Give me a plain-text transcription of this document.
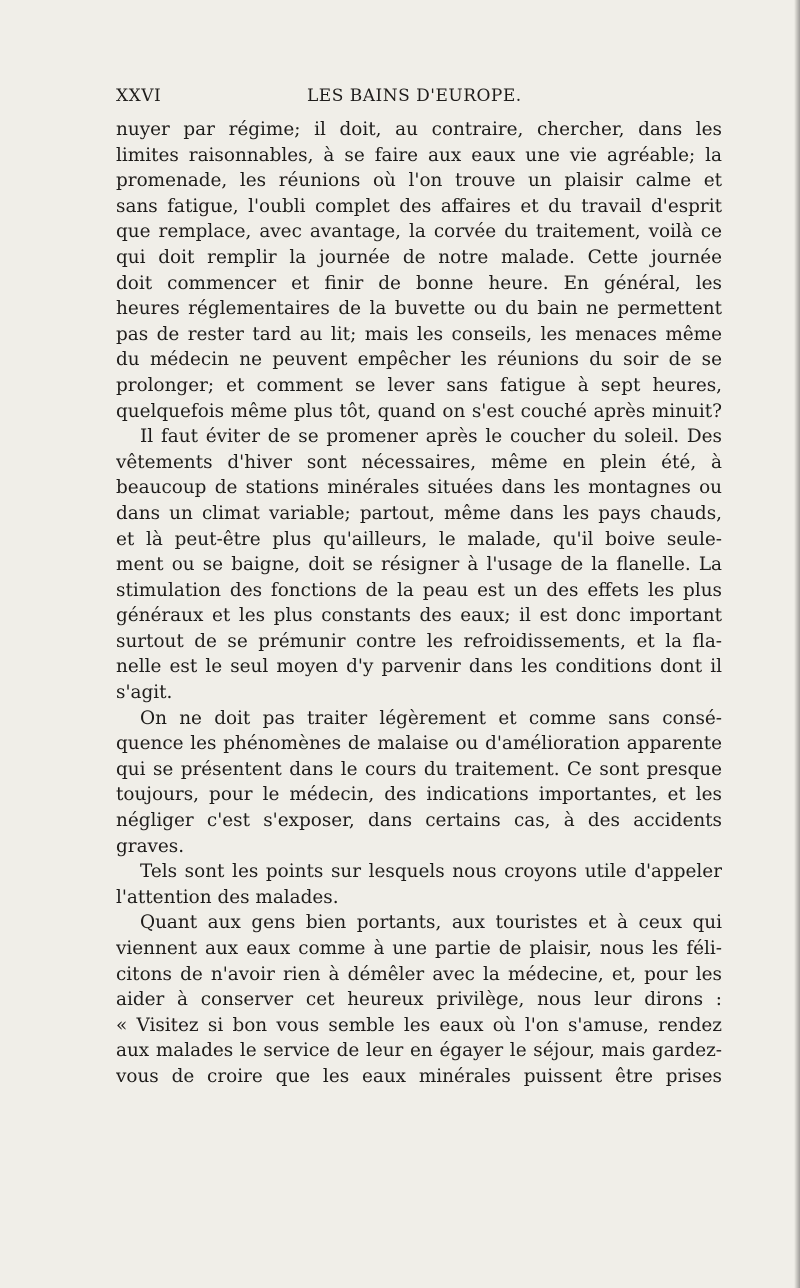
XXVI	LES BAINS D'EUROPE.
nuyer par régime; il doit, au contraire, chercher, dans les
limites raisonnables, à se faire aux eaux une vie agréable; la
promenade, les réunions où l'on trouve un plaisir calme et
sans fatigue, l'oubli complet des affaires et du travail d'esprit
que remplace, avec avantage, la corvée du traitement, voilà ce
qui doit remplir la journée de notre malade. Cette journée
doit commencer et finir de bonne heure. En général, les
heures réglementaires de la buvette ou du bain ne permettent
pas de rester tard au lit; mais les conseils, les menaces même
du médecin ne peuvent empêcher les réunions du soir de se
prolonger; et comment se lever sans fatigue à sept heures,
quelquefois même plus tôt, quand on s'est couché après minuit?
Il faut éviter de se promener après le coucher du soleil. Des
vêtements d'hiver sont nécessaires, même en plein été, à
beaucoup de stations minérales situées dans les montagnes ou
dans un climat variable; partout, même dans les pays chauds,
et là peut-être plus qu'ailleurs, le malade, qu'il boive seule-
ment ou se baigne, doit se résigner à l'usage de la flanelle. La
stimulation des fonctions de la peau est un des effets les plus
généraux et les plus constants des eaux; il est donc important
surtout de se prémunir contre les refroidissements, et la fla-
nelle est le seul moyen d'y parvenir dans les conditions dont il
s'agit.
On ne doit pas traiter légèrement et comme sans consé-
quence les phénomènes de malaise ou d'amélioration apparente
qui se présentent dans le cours du traitement. Ce sont presque
toujours, pour le médecin, des indications importantes, et les
négliger c'est s'exposer, dans certains cas, à des accidents
graves.
Tels sont les points sur lesquels nous croyons utile d'appeler
l'attention des malades.
Quant aux gens bien portants, aux touristes et à ceux qui
viennent aux eaux comme à une partie de plaisir, nous les féli-
citons de n'avoir rien à démêler avec la médecine, et, pour les
aider à conserver cet heureux privilège, nous leur dirons :
« Visitez si bon vous semble les eaux où l'on s'amuse, rendez
aux malades le service de leur en égayer le séjour, mais gardez-
vous de croire que les eaux minérales puissent être prises
